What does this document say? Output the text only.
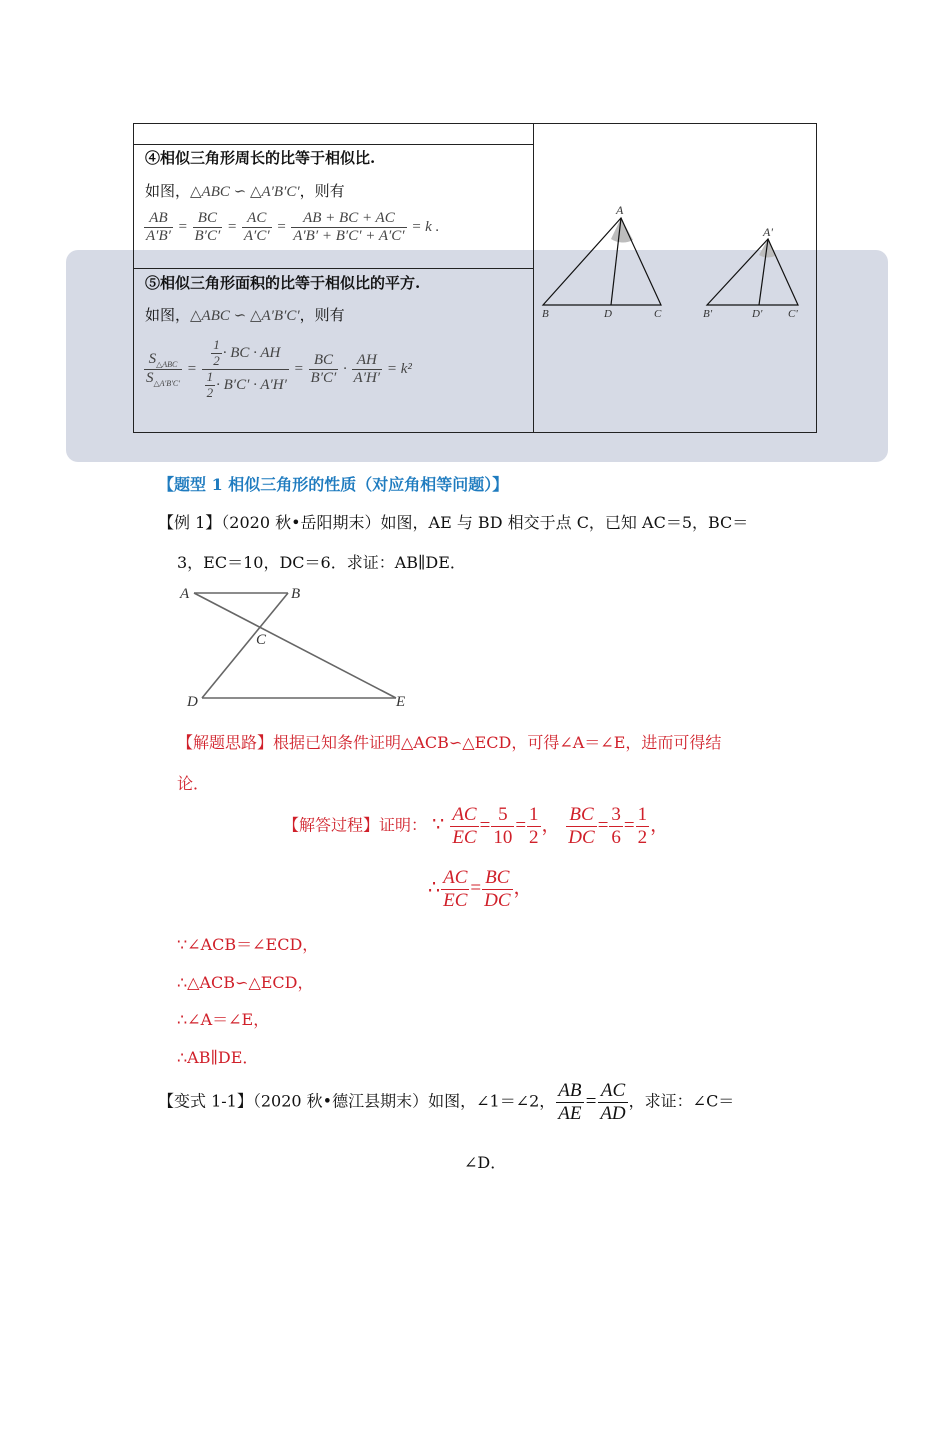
④相似三角形周长的比等于相似比.
如图，△ABC ∽ △A′B′C′，则有
$\frac{AB}{A'B'} = \frac{BC}{B'C'} = \frac{AC}{A'C'} = \frac{AB + BC + AC}{A'B' + B'C' + A'C'} = k$ .
⑤相似三角形面积的比等于相似比的平方.
如图，△ABC ∽ △A′B′C′，则有
$\frac{S_{\triangle ABC}}{S_{\triangle A'B'C'}} = \frac{\frac{1}{2} \cdot BC \cdot AH}{\frac{1}{2} \cdot B'C' \cdot A'H'} = \frac{BC}{B'C'} \cdot \frac{AH}{A'H'} = k^2$
A
B	D	C
A'
B'	D' C'
【题型 1 相似三角形的性质（对应角相等问题）】
【例 1】（2020 秋•岳阳期末）如图，AE 与 BD 相交于点 C，已知 AC＝5，BC＝
3，EC＝10，DC＝6．求证：AB∥DE．
A	B
C
D	E
【解题思路】根据已知条件证明△ACB∽△ECD，可得∠A＝∠E，进而可得结
论．
【解答过程】证明： ∵ $\frac{AC}{EC} = \frac{5}{10} = \frac{1}{2}$ ， $\frac{BC}{DC} = \frac{3}{6} = \frac{1}{2}$ ，
∴ $\frac{AC}{EC} = \frac{BC}{DC}$ ，
∵∠ACB＝∠ECD，
∴△ACB∽△ECD，
∴∠A＝∠E，
∴AB∥DE．
【变式 1-1】（2020 秋•德江县期末）如图，∠1＝∠2， $\frac{AB}{AE} = \frac{AC}{AD}$ ，求证：∠C＝
∠D．
